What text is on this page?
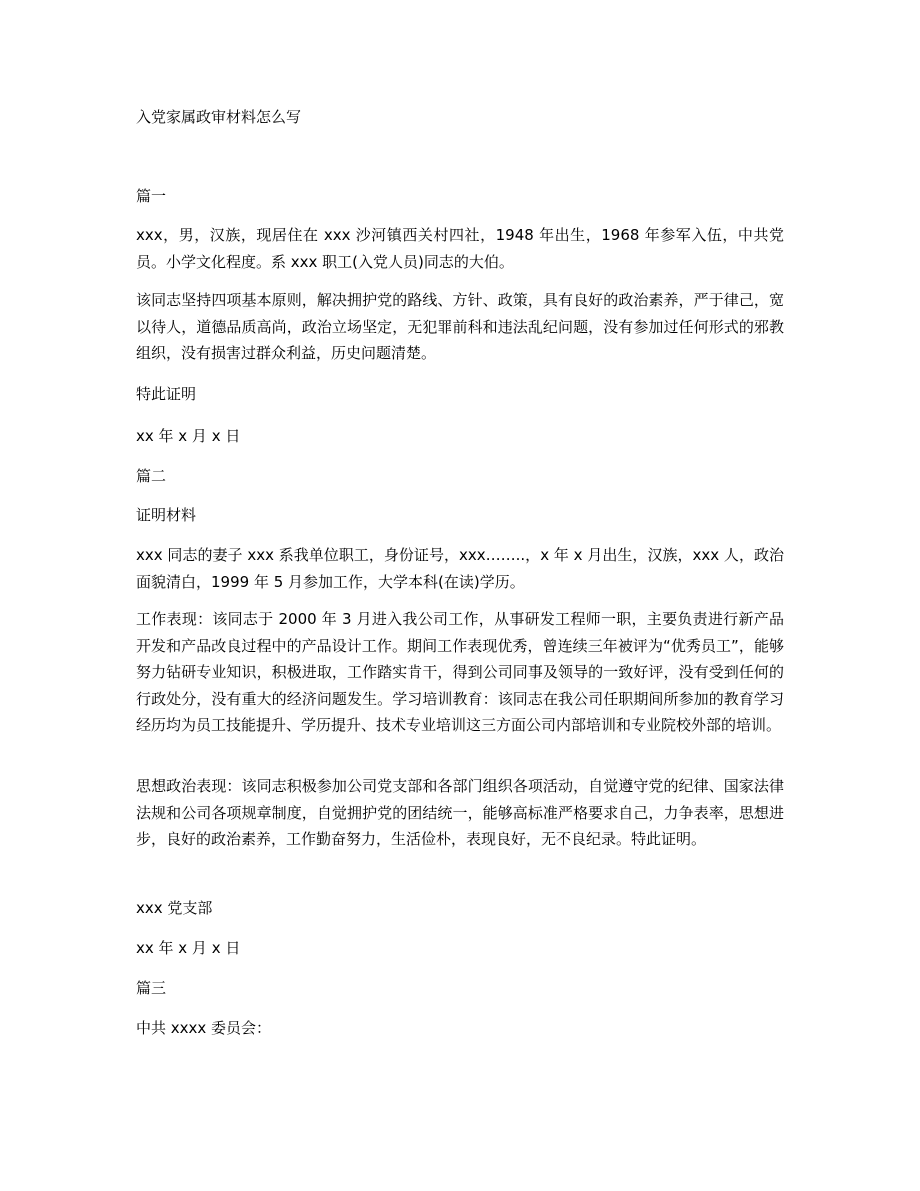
入党家属政审材料怎么写
篇一
xxx，男，汉族，现居住在 xxx 沙河镇西关村四社，1948 年出生，1968 年参军入伍，中共党员。小学文化程度。系 xxx 职工(入党人员)同志的大伯。
该同志坚持四项基本原则，解决拥护党的路线、方针、政策，具有良好的政治素养，严于律己，宽以待人，道德品质高尚，政治立场坚定，无犯罪前科和违法乱纪问题，没有参加过任何形式的邪教组织，没有损害过群众利益，历史问题清楚。
特此证明
xx 年 x 月 x 日
篇二
证明材料
xxx 同志的妻子 xxx 系我单位职工，身份证号，xxx……..，x 年 x 月出生，汉族，xxx 人，政治面貌清白，1999 年 5 月参加工作，大学本科(在读)学历。
工作表现：该同志于 2000 年 3 月进入我公司工作，从事研发工程师一职，主要负责进行新产品开发和产品改良过程中的产品设计工作。期间工作表现优秀，曾连续三年被评为“优秀员工”，能够努力钻研专业知识，积极进取，工作踏实肯干，得到公司同事及领导的一致好评，没有受到任何的行政处分，没有重大的经济问题发生。学习培训教育：该同志在我公司任职期间所参加的教育学习经历均为员工技能提升、学历提升、技术专业培训这三方面公司内部培训和专业院校外部的培训。
思想政治表现：该同志积极参加公司党支部和各部门组织各项活动，自觉遵守党的纪律、国家法律法规和公司各项规章制度，自觉拥护党的团结统一，能够高标准严格要求自己，力争表率，思想进步，良好的政治素养，工作勤奋努力，生活俭朴，表现良好，无不良纪录。特此证明。
xxx 党支部
xx 年 x 月 x 日
篇三
中共 xxxx 委员会：
